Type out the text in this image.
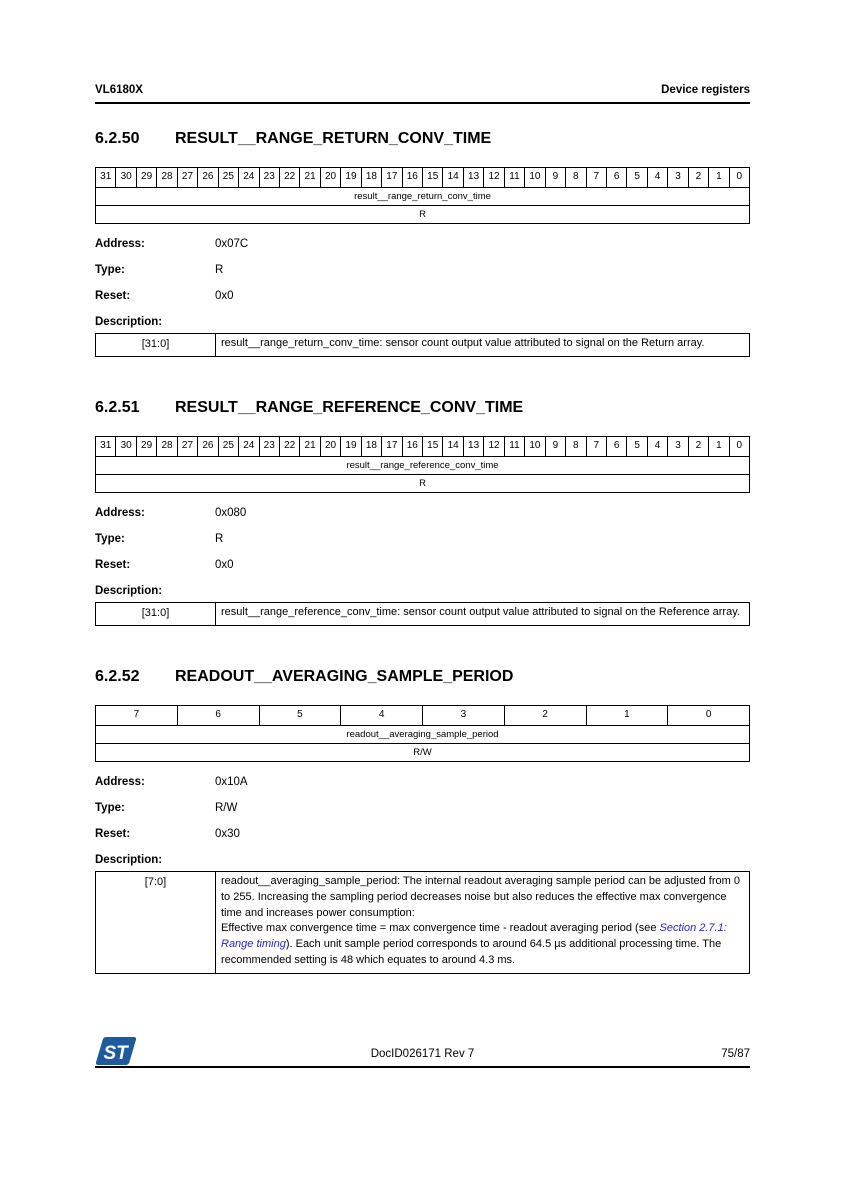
VL6180X	Device registers
6.2.50	RESULT__RANGE_RETURN_CONV_TIME
31 30 29 28 27 26 25 24 23 22 21 20 19 18 17 16 15 14 13 12 11 10	9	8	7	6	5	4	3	2	1	0
result__range_return_conv_time
R
Address:	0x07C
Type:	R
Reset:	0x0
Description:
[31:0]	result__range_return_conv_time: sensor count output value attributed to signal on the Return array.
6.2.51	RESULT__RANGE_REFERENCE_CONV_TIME
31 30 29 28 27 26 25 24 23 22 21 20 19 18 17 16 15 14 13 12 11 10	9	8	7	6	5	4	3	2	1	0
result__range_reference_conv_time
R
Address:	0x080
Type:	R
Reset:	0x0
Description:
[31:0]	result__range_reference_conv_time: sensor count output value attributed to signal on the Reference array.
6.2.52	READOUT__AVERAGING_SAMPLE_PERIOD
7	6	5	4	3	2	1	0
readout__averaging_sample_period
R/W
Address:	0x10A
Type:	R/W
Reset:	0x30
Description:
[7:0]	readout__averaging_sample_period: The internal readout averaging sample period can be adjusted from 0 to 255. Increasing the sampling period decreases noise but also reduces the effective max convergence time and increases power consumption:
Effective max convergence time = max convergence time - readout averaging period (see Section 2.7.1: Range timing). Each unit sample period corresponds to around 64.5 µs additional processing time. The recommended setting is 48 which equates to around 4.3 ms.
ST	DocID026171 Rev 7	75/87
